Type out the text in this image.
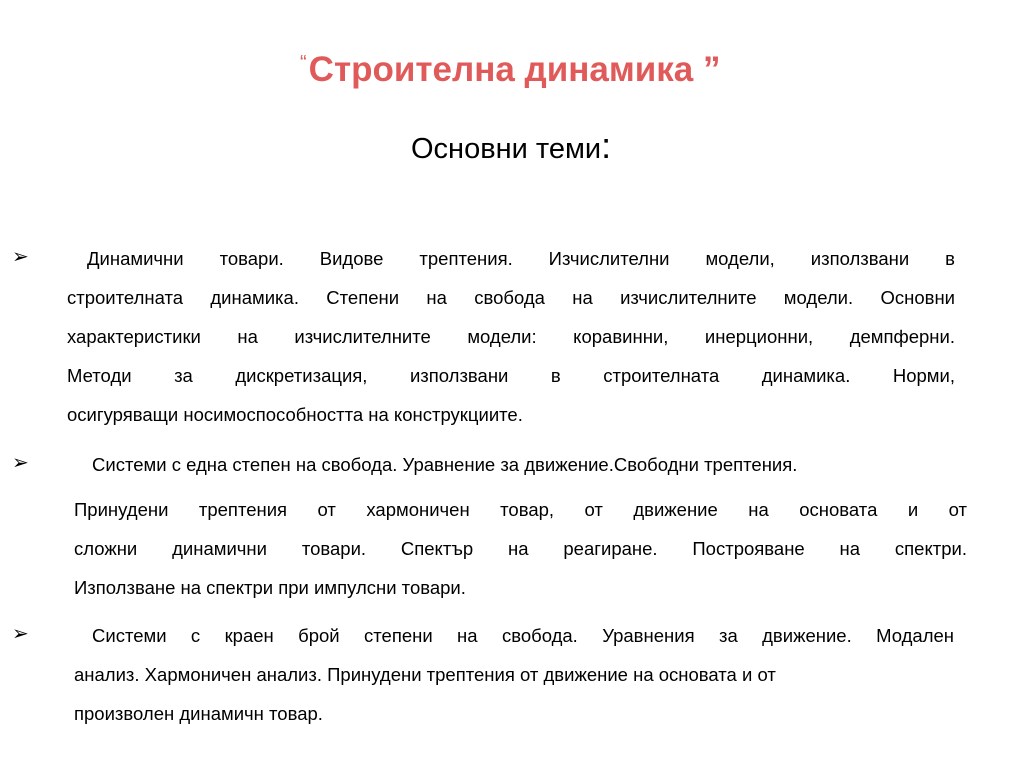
“Строителна динамика ”
Основни теми:
➢	Динамични товари. Видове трептения. Изчислителни модели, използвани в
строителната динамика. Степени на свобода на изчислителните модели. Основни
характеристики на изчислителните модели: коравинни, инерционни, демпферни.
Методи за дискретизация, използвани в строителната динамика. Норми,
осигуряващи носимоспособността на конструкциите.
➢	Системи с една степен на свобода. Уравнение за движение.Свободни трептения.
Принудени трептения от хармоничен товар, от движение на основата и от
сложни динамични товари. Спектър на реагиране. Построяване на спектри.
Използване на спектри при импулсни товари.
➢	Системи с краен брой степени на свобода. Уравнения за движение. Модален
анализ. Хармоничен анализ. Принудени трептения от движение на основата и от
произволен динамичн товар.
